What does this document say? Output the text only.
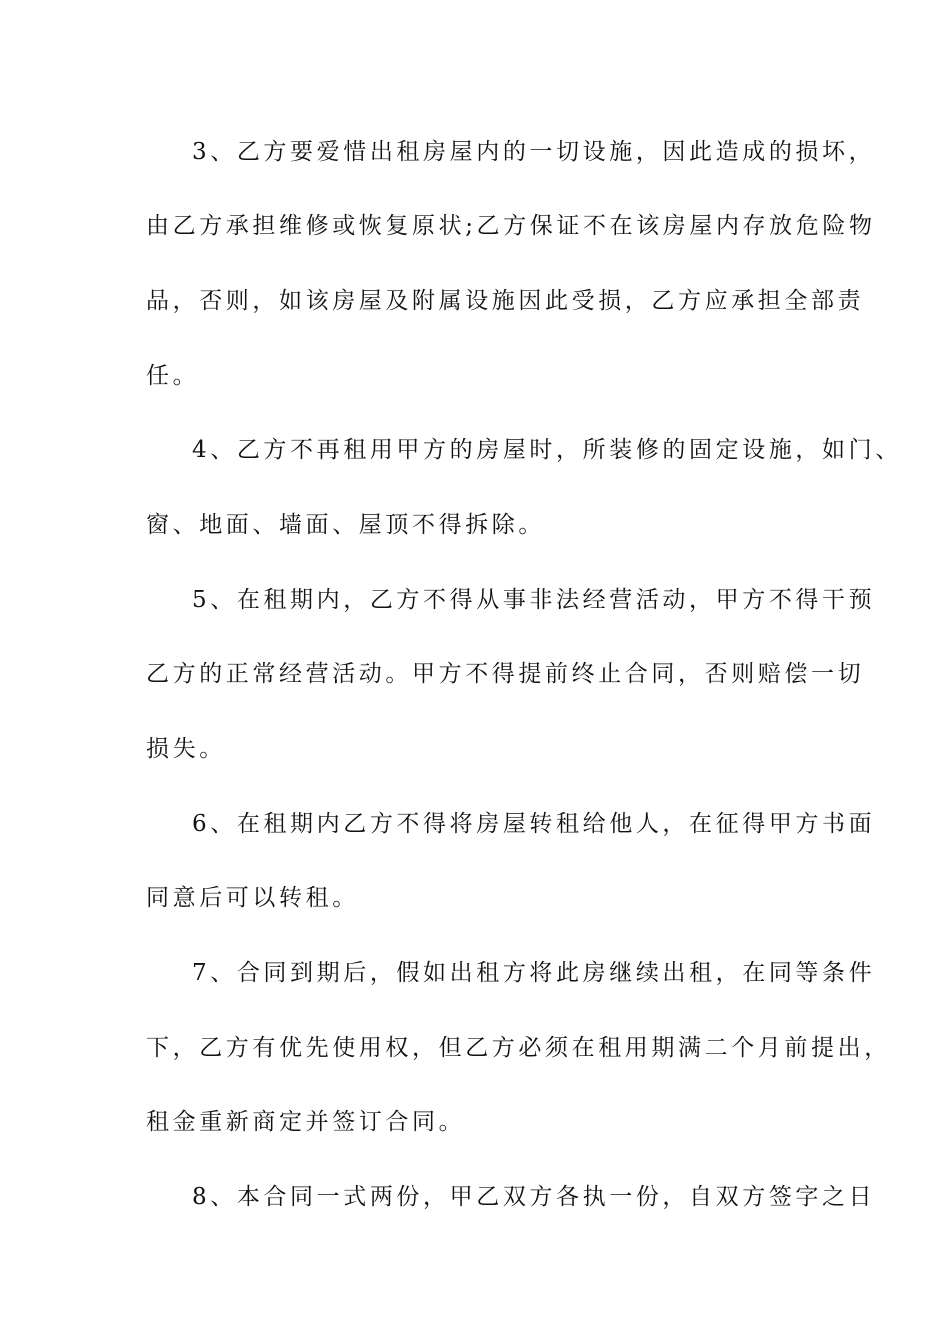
3、乙方要爱惜出租房屋内的一切设施，因此造成的损坏，
由乙方承担维修或恢复原状;乙方保证不在该房屋内存放危险物
品，否则，如该房屋及附属设施因此受损，乙方应承担全部责
任。
4、乙方不再租用甲方的房屋时，所装修的固定设施，如门、
窗、地面、墙面、屋顶不得拆除。
5、在租期内，乙方不得从事非法经营活动，甲方不得干预
乙方的正常经营活动。甲方不得提前终止合同，否则赔偿一切
损失。
6、在租期内乙方不得将房屋转租给他人，在征得甲方书面
同意后可以转租。
7、合同到期后，假如出租方将此房继续出租，在同等条件
下，乙方有优先使用权，但乙方必须在租用期满二个月前提出，
租金重新商定并签订合同。
8、本合同一式两份，甲乙双方各执一份，自双方签字之日
